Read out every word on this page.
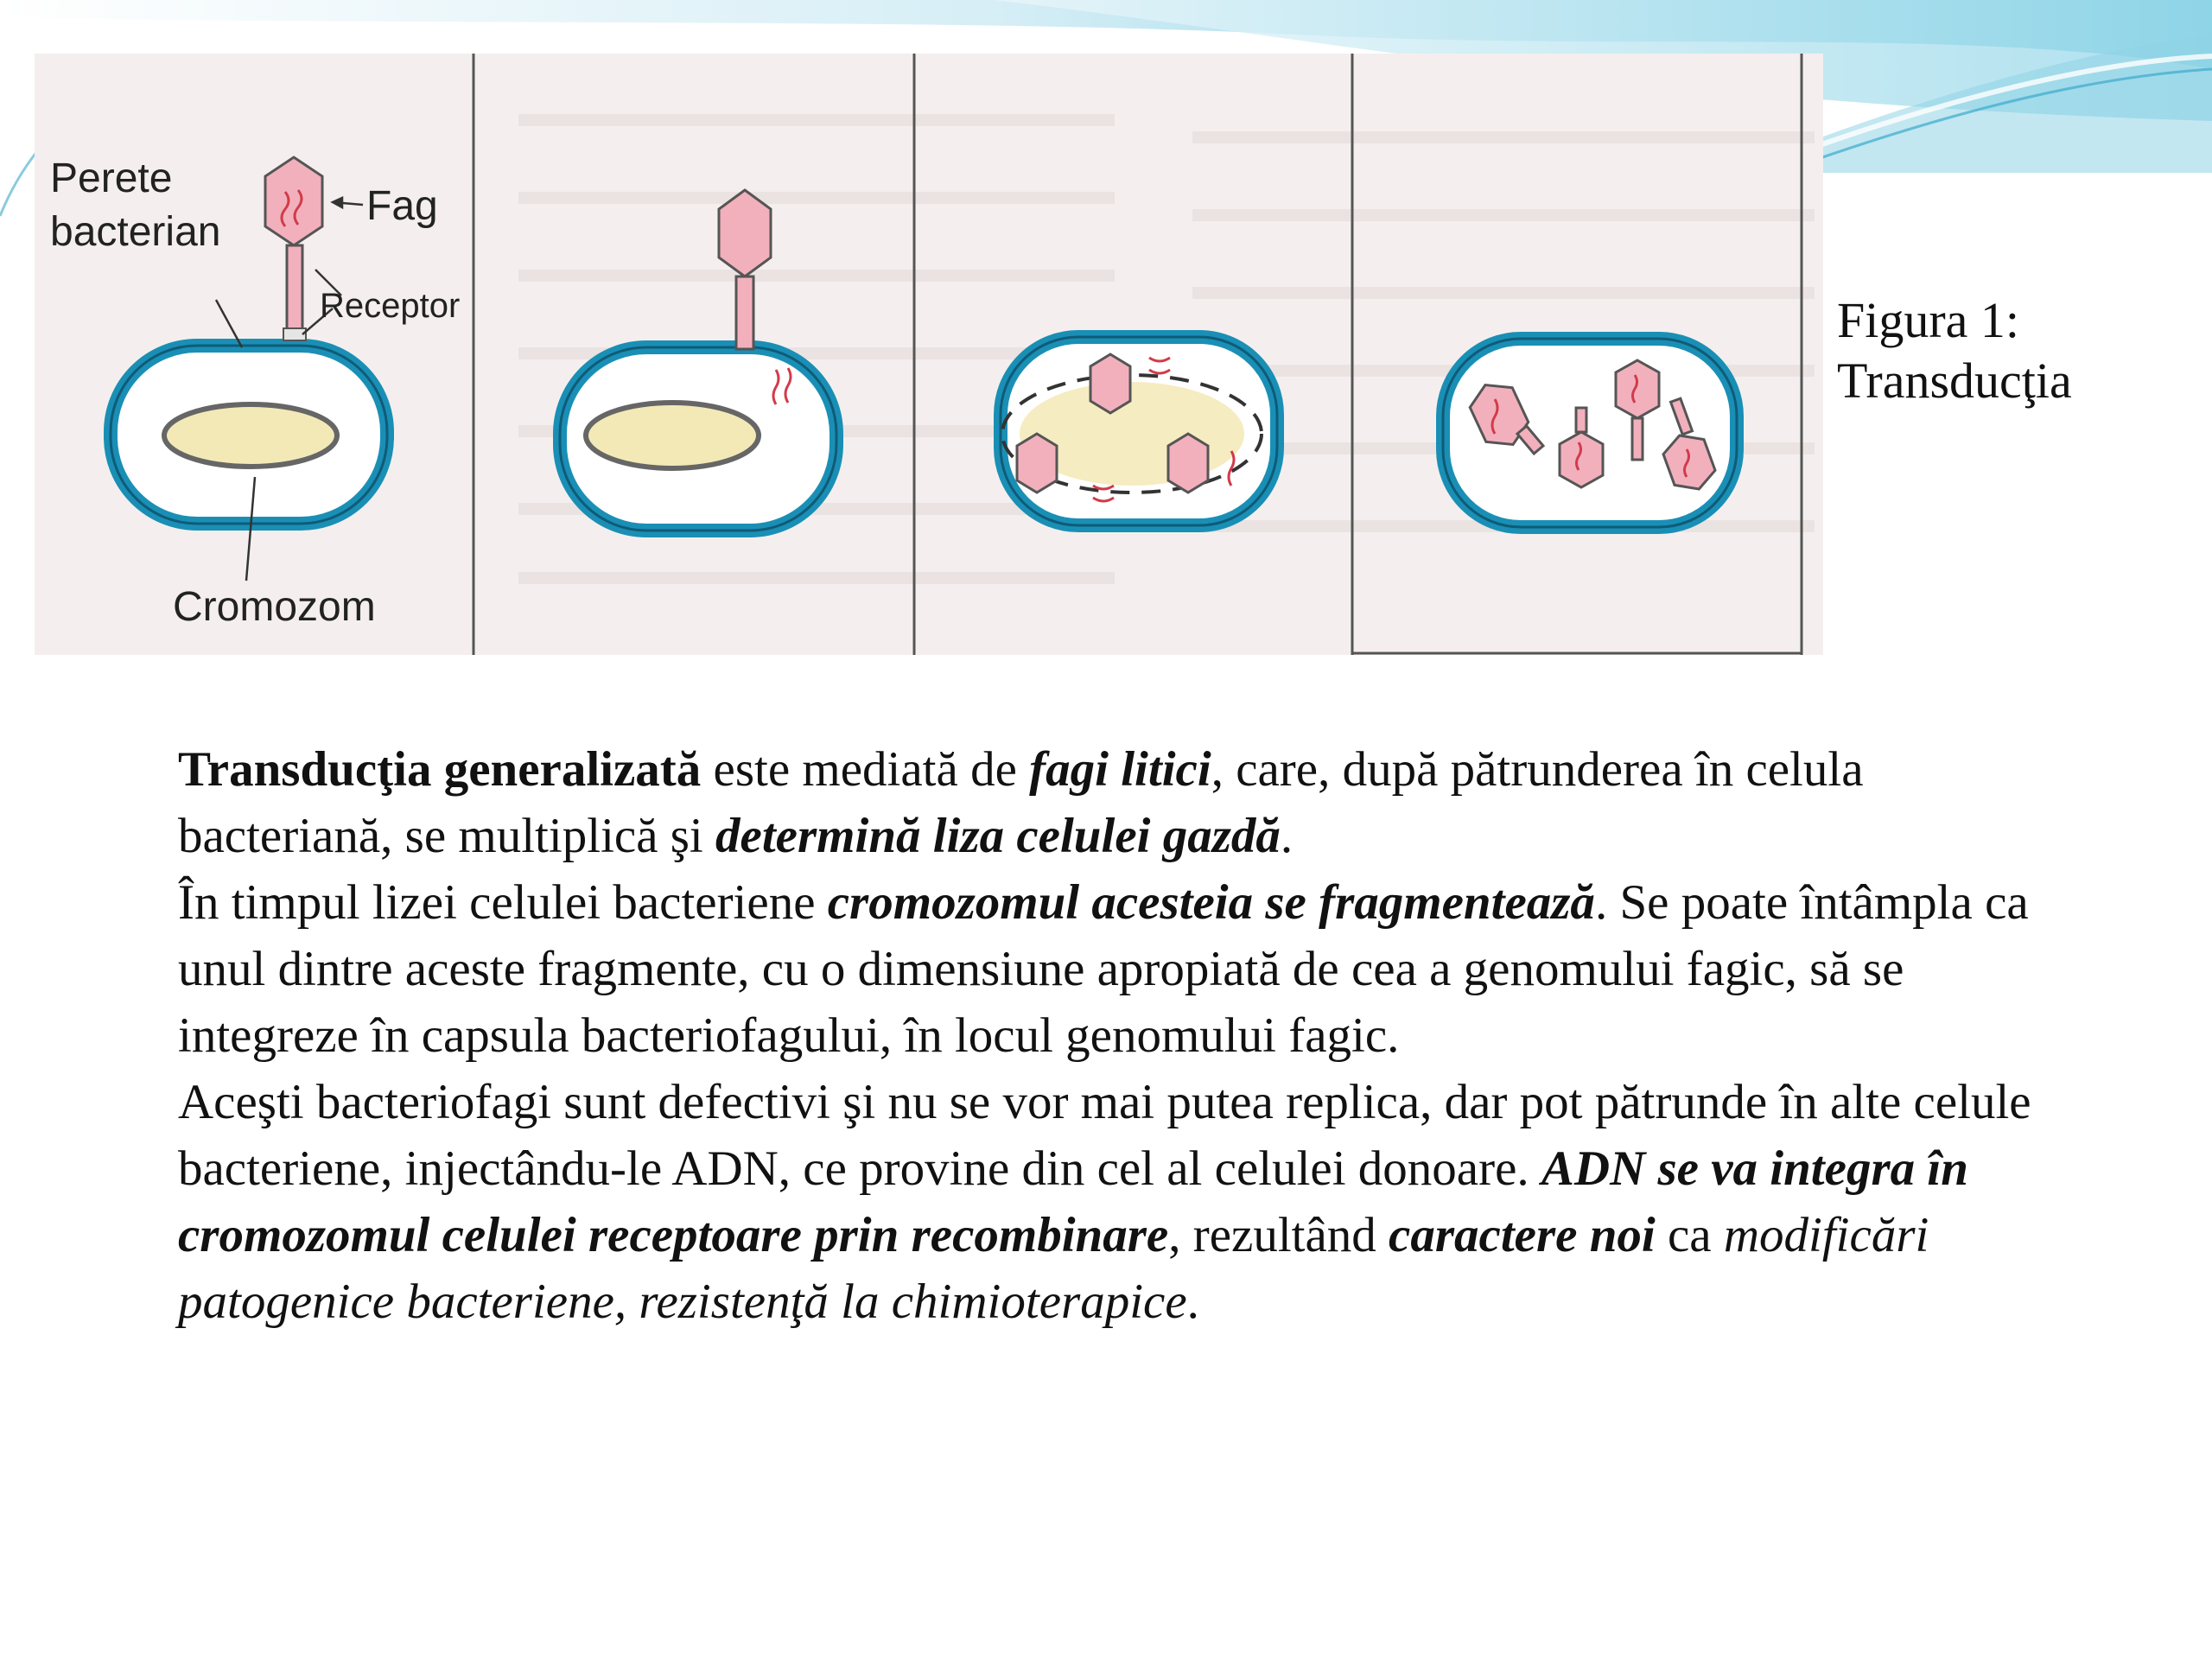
Perete
bacterian
Fag
Receptor
Cromozom
Figura 1:
Transducţia

Transducţia generalizată este mediată de fagi litici, care, după pătrunderea în celula bacteriană, se multiplică şi determină liza celulei gazdă.

În timpul lizei celulei bacteriene cromozomul acesteia se fragmentează. Se poate întâmpla ca unul dintre aceste fragmente, cu o dimensiune apropiată de cea a genomului fagic, să se integreze în capsula bacteriofagului, în locul genomului fagic.

Aceşti bacteriofagi sunt defectivi şi nu se vor mai putea replica, dar pot pătrunde în alte celule bacteriene, injectându-le ADN, ce provine din cel al celulei donoare. ADN se va integra în cromozomul celulei receptoare prin recombinare, rezultând caractere noi ca modificări patogenice bacteriene, rezistenţă la chimioterapice.
